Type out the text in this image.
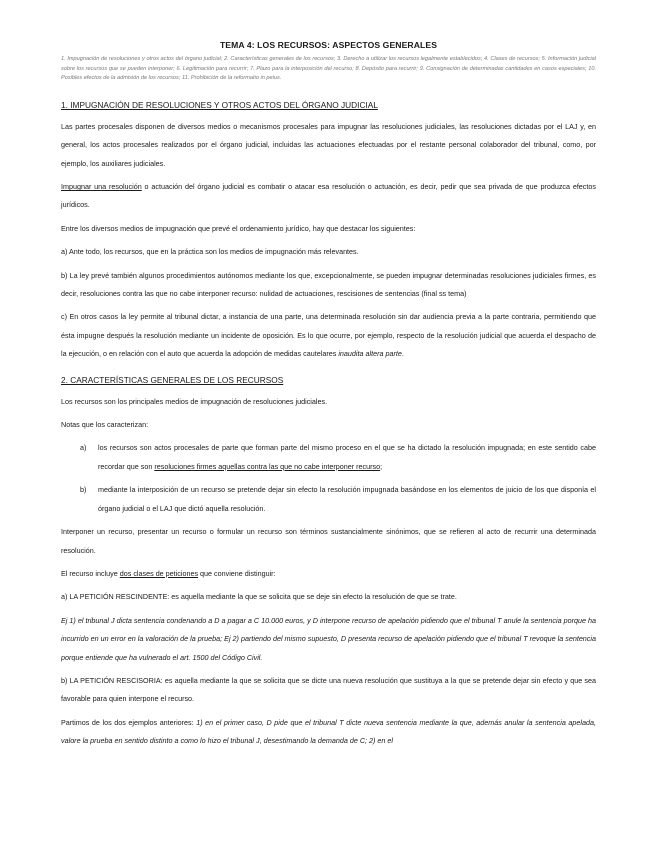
TEMA 4: LOS RECURSOS: ASPECTOS GENERALES
1. Impugnación de resoluciones y otros actos del órgano judicial; 2. Características generales de los recursos; 3. Derecho a utilizar los recursos legalmente establecidos; 4. Clases de recursos; 5. Información judicial sobre los recursos que se pueden interponer; 6. Legitimación para recurrir; 7. Plazo para la interposición del recurso; 8. Depósito para recurrir; 9. Consignación de determinadas cantidades en casos especiales; 10. Posibles efectos de la admisión de los recursos; 11. Prohibición de la reformatio in peius.
1. IMPUGNACIÓN DE RESOLUCIONES Y OTROS ACTOS DEL ÓRGANO JUDICIAL

Las partes procesales disponen de diversos medios o mecanismos procesales para impugnar las resoluciones judiciales, las resoluciones dictadas por el LAJ y, en general, los actos procesales realizados por el órgano judicial, incluidas las actuaciones efectuadas por el restante personal colaborador del tribunal, como, por ejemplo, los auxiliares judiciales.

Impugnar una resolución o actuación del órgano judicial es combatir o atacar esa resolución o actuación, es decir, pedir que sea privada de que produzca efectos jurídicos.

Entre los diversos medios de impugnación que prevé el ordenamiento jurídico, hay que destacar los siguientes:

a) Ante todo, los recursos, que en la práctica son los medios de impugnación más relevantes.

b) La ley prevé también algunos procedimientos autónomos mediante los que, excepcionalmente, se pueden impugnar determinadas resoluciones judiciales firmes, es decir, resoluciones contra las que no cabe interponer recurso: nulidad de actuaciones, rescisiones de sentencias (final ss tema)

c) En otros casos la ley permite al tribunal dictar, a instancia de una parte, una determinada resolución sin dar audiencia previa a la parte contraria, permitiendo que ésta impugne después la resolución mediante un incidente de oposición. Es lo que ocurre, por ejemplo, respecto de la resolución judicial que acuerda el despacho de la ejecución, o en relación con el auto que acuerda la adopción de medidas cautelares inaudita altera parte.

2. CARACTERÍSTICAS GENERALES DE LOS RECURSOS

Los recursos son los principales medios de impugnación de resoluciones judiciales.

Notas que los caracterizan:

a) los recursos son actos procesales de parte que forman parte del mismo proceso en el que se ha dictado la resolución impugnada; en este sentido cabe recordar que son resoluciones firmes aquellas contra las que no cabe interponer recurso;
b) mediante la interposición de un recurso se pretende dejar sin efecto la resolución impugnada basándose en los elementos de juicio de los que disponía el órgano judicial o el LAJ que dictó aquella resolución.

Interponer un recurso, presentar un recurso o formular un recurso son términos sustancialmente sinónimos, que se refieren al acto de recurrir una determinada resolución.

El recurso incluye dos clases de peticiones que conviene distinguir:

a) LA PETICIÓN RESCINDENTE: es aquella mediante la que se solicita que se deje sin efecto la resolución de que se trate.

Ej 1) el tribunal J dicta sentencia condenando a D a pagar a C 10.000 euros, y D interpone recurso de apelación pidiendo que el tribunal T anule la sentencia porque ha incurrido en un error en la valoración de la prueba; Ej 2) partiendo del mismo supuesto, D presenta recurso de apelación pidiendo que el tribunal T revoque la sentencia porque entiende que ha vulnerado el art. 1500 del Código Civil.

b) LA PETICIÓN RESCISORIA: es aquella mediante la que se solicita que se dicte una nueva resolución que sustituya a la que se pretende dejar sin efecto y que sea favorable para quien interpone el recurso.

Partimos de los dos ejemplos anteriores: 1) en el primer caso, D pide que el tribunal T dicte nueva sentencia mediante la que, además anular la sentencia apelada, valore la prueba en sentido distinto a como lo hizo el tribunal J, desestimando la demanda de C; 2) en el
